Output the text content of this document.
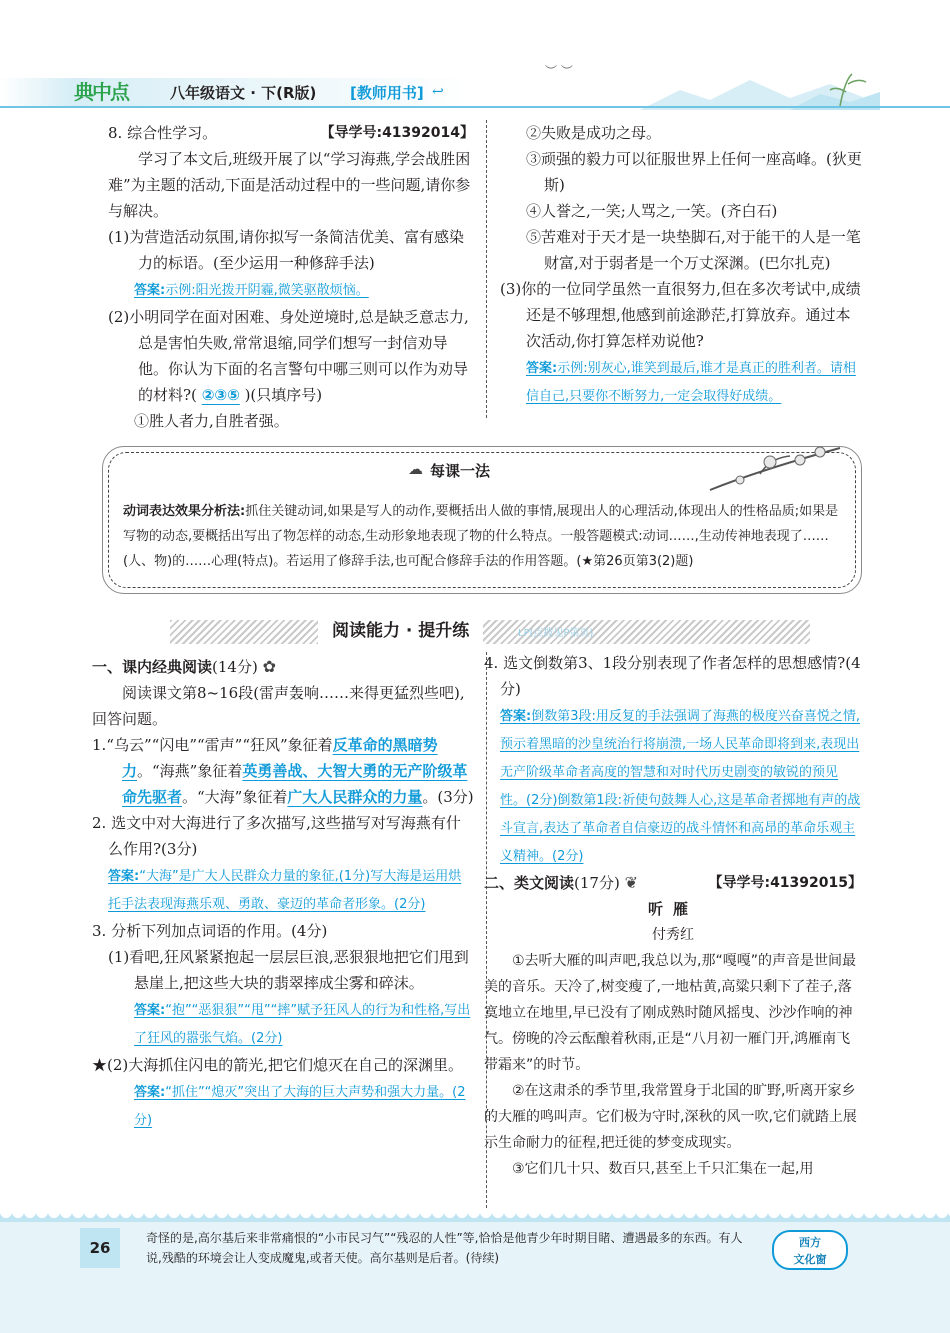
典中点	八年级语文 · 下(R版) [教师用书] ↩
︶ ︶
8. 综合性学习。	【导学号:41392014】
学习了本文后,班级开展了以“学习海燕,学会战胜困难”为主题的活动,下面是活动过程中的一些问题,请你参与解决。
(1)为营造活动氛围,请你拟写一条简洁优美、富有感染力的标语。(至少运用一种修辞手法)
答案:示例:阳光拨开阴霾,微笑驱散烦恼。
(2)小明同学在面对困难、身处逆境时,总是缺乏意志力,总是害怕失败,常常退缩,同学们想写一封信劝导他。你认为下面的名言警句中哪三则可以作为劝导的材料?( ②③⑤ )(只填序号)
①胜人者力,自胜者强。
②失败是成功之母。
③顽强的毅力可以征服世界上任何一座高峰。(狄更斯)
④人誉之,一笑;人骂之,一笑。(齐白石)
⑤苦难对于天才是一块垫脚石,对于能干的人是一笔财富,对于弱者是一个万丈深渊。(巴尔扎克)
(3)你的一位同学虽然一直很努力,但在多次考试中,成绩还是不够理想,他感到前途渺茫,打算放弃。通过本次活动,你打算怎样劝说他?
答案:示例:别灰心,谁笑到最后,谁才是真正的胜利者。请相信自己,只要你不断努力,一定会取得好成绩。
动词表达效果分析法:抓住关键动词,如果是写人的动作,要概括出人做的事情,展现出人的心理活动,体现出人的性格品质;如果是写物的动态,要概括出写出了物怎样的动态,生动形象地表现了物的什么特点。一般答题模式:动词……,生动传神地表现了……(人、物)的……心理(特点)。若运用了修辞手法,也可配合修辞手法的作用答题。(★第26页第3(2)题)
☁ 每课一法
阅读能力 · 提升练	LP(点拨见P第页)
一、课内经典阅读(14分) ✿
阅读课文第8~16段(雷声轰响……来得更猛烈些吧),回答问题。
1.“乌云”“闪电”“雷声”“狂风”象征着反革命的黑暗势力。“海燕”象征着英勇善战、大智大勇的无产阶级革命先驱者。“大海”象征着广大人民群众的力量。(3分)
2. 选文中对大海进行了多次描写,这些描写对写海燕有什么作用?(3分)
答案:“大海”是广大人民群众力量的象征,(1分)写大海是运用烘托手法表现海燕乐观、勇敢、豪迈的革命者形象。(2分)
3. 分析下列加点词语的作用。(4分)
(1)看吧,狂风紧紧抱起一层层巨浪,恶狠狠地把它们甩到悬崖上,把这些大块的翡翠摔成尘雾和碎沫。
答案:“抱”“恶狠狠”“甩”“摔”赋予狂风人的行为和性格,写出了狂风的嚣张气焰。(2分)
★(2)大海抓住闪电的箭光,把它们熄灭在自己的深渊里。
答案:“抓住”“熄灭”突出了大海的巨大声势和强大力量。(2分)
4. 选文倒数第3、1段分别表现了作者怎样的思想感情?(4分)
答案:倒数第3段:用反复的手法强调了海燕的极度兴奋喜悦之情,预示着黑暗的沙皇统治行将崩溃,一场人民革命即将到来,表现出无产阶级革命者高度的智慧和对时代历史剧变的敏锐的预见性。(2分)倒数第1段:祈使句鼓舞人心,这是革命者掷地有声的战斗宣言,表达了革命者自信豪迈的战斗情怀和高昂的革命乐观主义精神。(2分)
二、类文阅读(17分) ❦	【导学号:41392015】
听雁
付秀红
①去听大雁的叫声吧,我总以为,那“嘎嘎”的声音是世间最美的音乐。天冷了,树变瘦了,一地枯黄,高粱只剩下了茬子,落寞地立在地里,早已没有了刚成熟时随风摇曳、沙沙作响的神气。傍晚的冷云酝酿着秋雨,正是“八月初一雁门开,鸿雁南飞带霜来”的时节。
②在这肃杀的季节里,我常置身于北国的旷野,听离开家乡的大雁的鸣叫声。它们极为守时,深秋的风一吹,它们就踏上展示生命耐力的征程,把迁徙的梦变成现实。
③它们几十只、数百只,甚至上千只汇集在一起,用
26
奇怪的是,高尔基后来非常痛恨的“小市民习气”“残忍的人性”等,恰恰是他青少年时期目睹、遭遇最多的东西。有人说,残酷的环境会让人变成魔鬼,或者天使。高尔基则是后者。(待续)
西方
文化窗
